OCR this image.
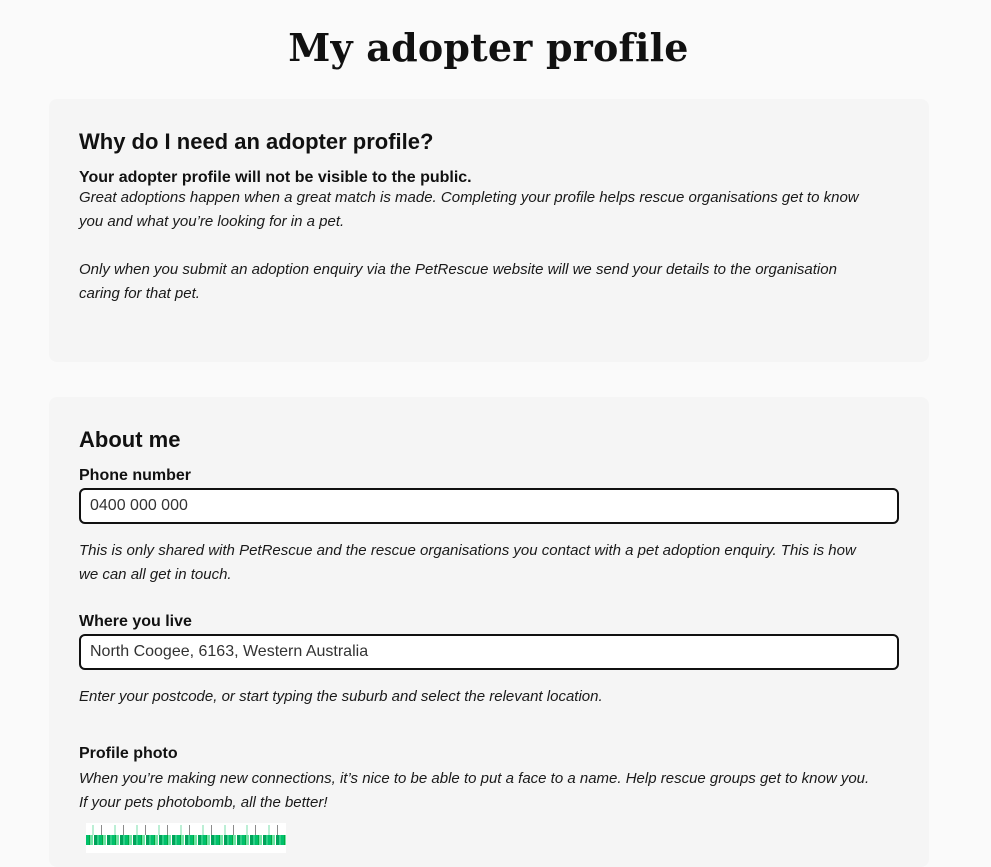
My adopter profile
Why do I need an adopter profile?
Your adopter profile will not be visible to the public.
Great adoptions happen when a great match is made. Completing your profile helps rescue organisations get to know
you and what you’re looking for in a pet.
Only when you submit an adoption enquiry via the PetRescue website will we send your details to the organisation
caring for that pet.
About me
Phone number
0400 000 000
This is only shared with PetRescue and the rescue organisations you contact with a pet adoption enquiry. This is how
we can all get in touch.
Where you live
North Coogee, 6163, Western Australia
Enter your postcode, or start typing the suburb and select the relevant location.
Profile photo
When you’re making new connections, it’s nice to be able to put a face to a name. Help rescue groups get to know you.
If your pets photobomb, all the better!
